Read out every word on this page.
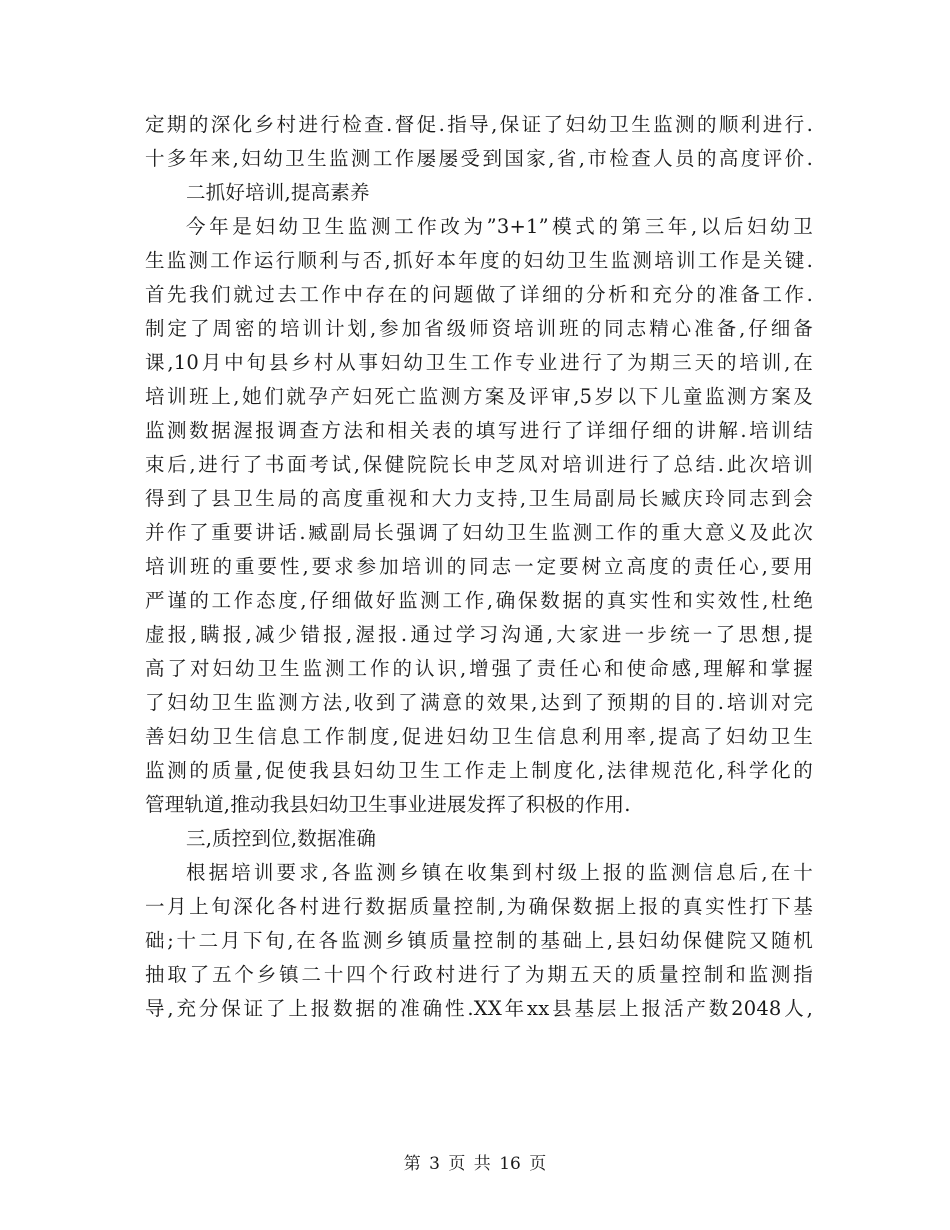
定期的深化乡村进行检查.督促.指导,保证了妇幼卫生监测的顺利进行.
十多年来,妇幼卫生监测工作屡屡受到国家,省,市检查人员的高度评价.
二抓好培训,提高素养
今年是妇幼卫生监测工作改为”3+1”模式的第三年,以后妇幼卫
生监测工作运行顺利与否,抓好本年度的妇幼卫生监测培训工作是关键.
首先我们就过去工作中存在的问题做了详细的分析和充分的准备工作.
制定了周密的培训计划,参加省级师资培训班的同志精心准备,仔细备
课,10月中旬县乡村从事妇幼卫生工作专业进行了为期三天的培训,在
培训班上,她们就孕产妇死亡监测方案及评审,5岁以下儿童监测方案及
监测数据渥报调查方法和相关表的填写进行了详细仔细的讲解.培训结
束后,进行了书面考试,保健院院长申芝凤对培训进行了总结.此次培训
得到了县卫生局的高度重视和大力支持,卫生局副局长臧庆玲同志到会
并作了重要讲话.臧副局长强调了妇幼卫生监测工作的重大意义及此次
培训班的重要性,要求参加培训的同志一定要树立高度的责任心,要用
严谨的工作态度,仔细做好监测工作,确保数据的真实性和实效性,杜绝
虚报,瞒报,减少错报,渥报.通过学习沟通,大家进一步统一了思想,提
高了对妇幼卫生监测工作的认识,增强了责任心和使命感,理解和掌握
了妇幼卫生监测方法,收到了满意的效果,达到了预期的目的.培训对完
善妇幼卫生信息工作制度,促进妇幼卫生信息利用率,提高了妇幼卫生
监测的质量,促使我县妇幼卫生工作走上制度化,法律规范化,科学化的
管理轨道,推动我县妇幼卫生事业进展发挥了积极的作用.
三,质控到位,数据准确
根据培训要求,各监测乡镇在收集到村级上报的监测信息后,在十
一月上旬深化各村进行数据质量控制,为确保数据上报的真实性打下基
础;十二月下旬,在各监测乡镇质量控制的基础上,县妇幼保健院又随机
抽取了五个乡镇二十四个行政村进行了为期五天的质量控制和监测指
导,充分保证了上报数据的准确性.XX年xx县基层上报活产数2048人,
第 3 页 共 16 页
